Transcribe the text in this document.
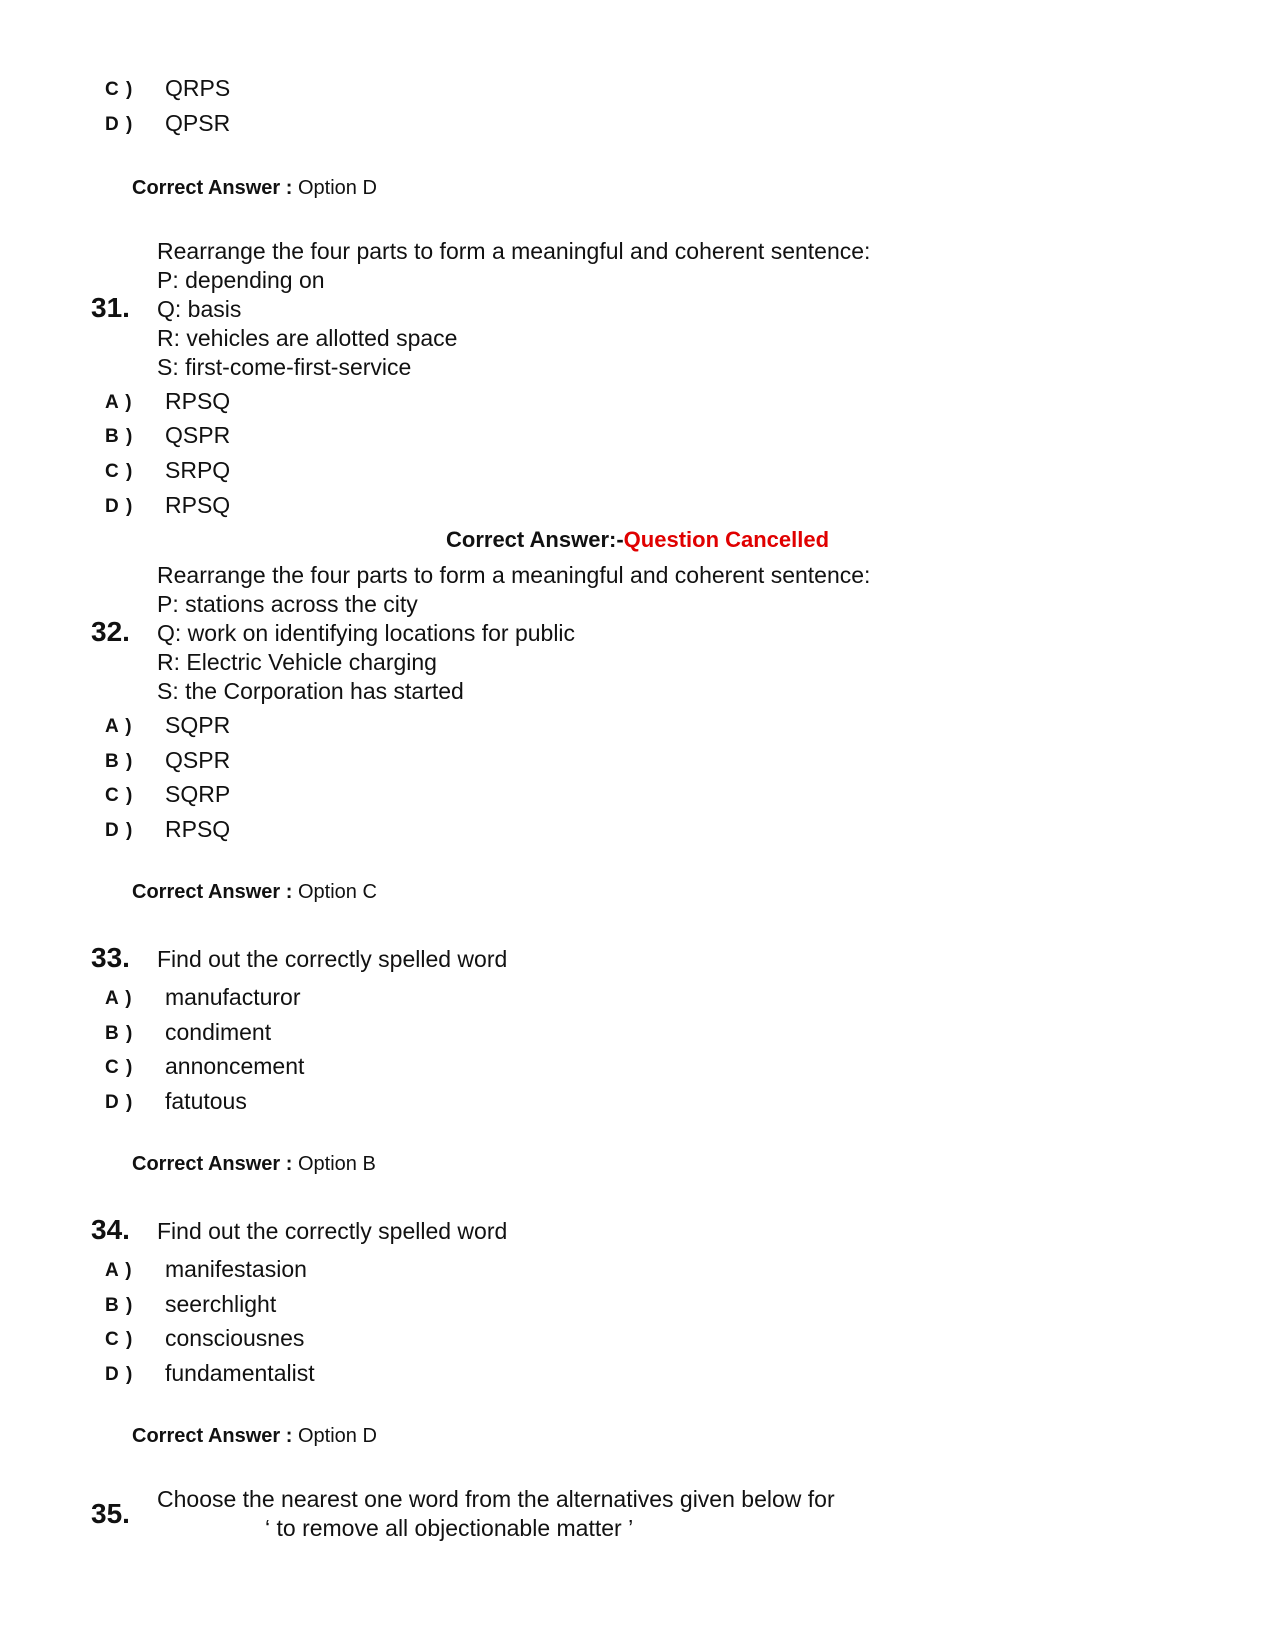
C ) QRPS
D ) QPSR
Correct Answer : Option D
31.
Rearrange the four parts to form a meaningful and coherent sentence:
P: depending on
Q: basis
R: vehicles are allotted space
S: first-come-first-service
A ) RPSQ
B ) QSPR
C ) SRPQ
D ) RPSQ
Correct Answer:-Question Cancelled
32.
Rearrange the four parts to form a meaningful and coherent sentence:
P: stations across the city
Q: work on identifying locations for public
R: Electric Vehicle charging
S: the Corporation has started
A ) SQPR
B ) QSPR
C ) SQRP
D ) RPSQ
Correct Answer : Option C
33. Find out the correctly spelled word
A ) manufacturor
B ) condiment
C ) annoncement
D ) fatutous
Correct Answer : Option B
34. Find out the correctly spelled word
A ) manifestasion
B ) seerchlight
C ) consciousnes
D ) fundamentalist
Correct Answer : Option D
35. Choose the nearest one word from the alternatives given below for
‘ to remove all objectionable matter ’
